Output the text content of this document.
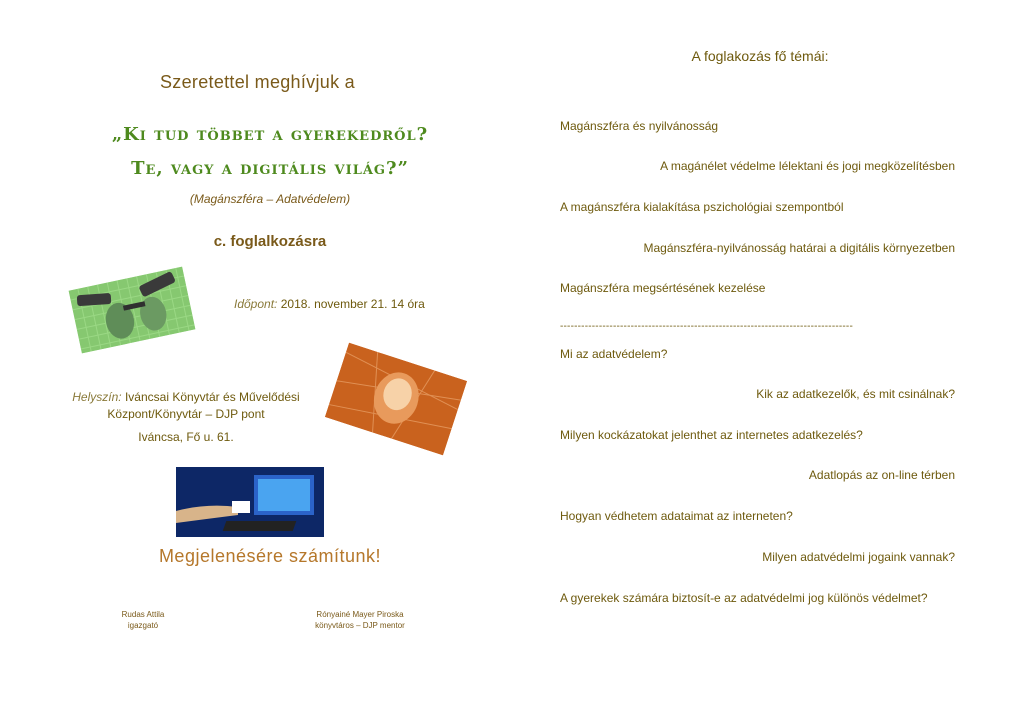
Szeretettel meghívjuk a
„Ki tud többet a gyerekedről?
Te, vagy a digitális világ?”
(Magánszféra – Adatvédelem)
c. foglalkozásra
Időpont: 2018. november 21. 14 óra
Helyszín: Iváncsai Könyvtár és Művelődési
Központ/Könyvtár – DJP pont
Iváncsa, Fő u. 61.
Megjelenésére számítunk!
Rudas Attila
igazgató
Rónyainé Mayer Piroska
könyvtáros – DJP mentor
A foglakozás fő témái:
Magánszféra és nyilvánosság
A magánélet védelme lélektani és jogi megközelítésben
A magánszféra kialakítása pszichológiai szempontból
Magánszféra-nyilvánosság határai a digitális környezetben
Magánszféra megsértésének kezelése
-----------------------------------------------------------------------------------
Mi az adatvédelem?
Kik az adatkezelők, és mit csinálnak?
Milyen kockázatokat jelenthet az internetes adatkezelés?
Adatlopás az on-line térben
Hogyan védhetem adataimat az interneten?
Milyen adatvédelmi jogaink vannak?
A gyerekek számára biztosít-e az adatvédelmi jog különös védelmet?
